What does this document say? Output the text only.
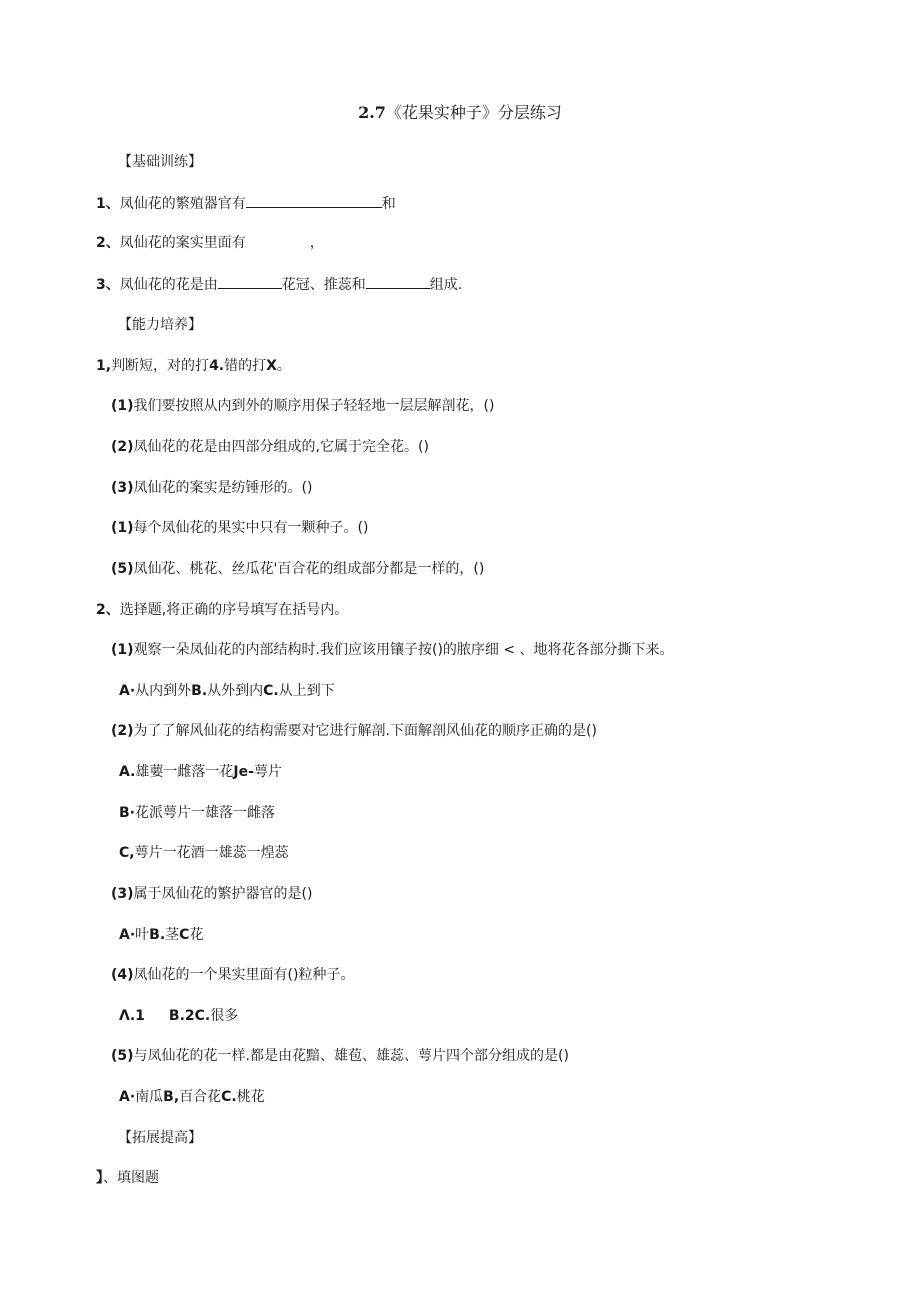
2.7《花果实种子》分层练习
【基础训练】
1、凤仙花的繁殖器官有	和
2、凤仙花的案实里面有	，
3、凤仙花的花是由	花冠、推蕊和	组成.
【能力培养】
1,判断短，对的打4.错的打X。
(1)我们要按照从内到外的顺序用保子轻轻地一层层解剖花，()
(2)凤仙花的花是由四部分组成的,它属于完全花。()
(3)凤仙花的案实是纺锤形的。()
(1)每个凤仙花的果实中只有一颗种子。()
(5)凤仙花、桃花、丝瓜花'百合花的组成部分都是一样的，()
2、选择题,将正确的序号填写在括号内。
(1)观察一朵凤仙花的内部结构时.我们应该用镶子按()的脓序细 < 、地将花各部分撕下来。
A·从内到外B.从外到内C.从上到下
(2)为了了解风仙花的结构需要对它进行解剖.下面解剖风仙花的顺序正确的是()
A.雄葽一雌落一花Je-萼片
B·花派萼片一雄落一雌落
C,萼片一花酒一雄蕊一煌蕊
(3)属于凤仙花的繁护器官的是()
A·叶B.茎C花
(4)凤仙花的一个果实里面有()粒种子。
Λ.1 B.2C.很多
(5)与凤仙花的花一样.都是由花黯、雄苞、雄蕊、萼片四个部分组成的是()
A·南瓜B,百合花C.桃花
【拓展提高】
】、填图题
